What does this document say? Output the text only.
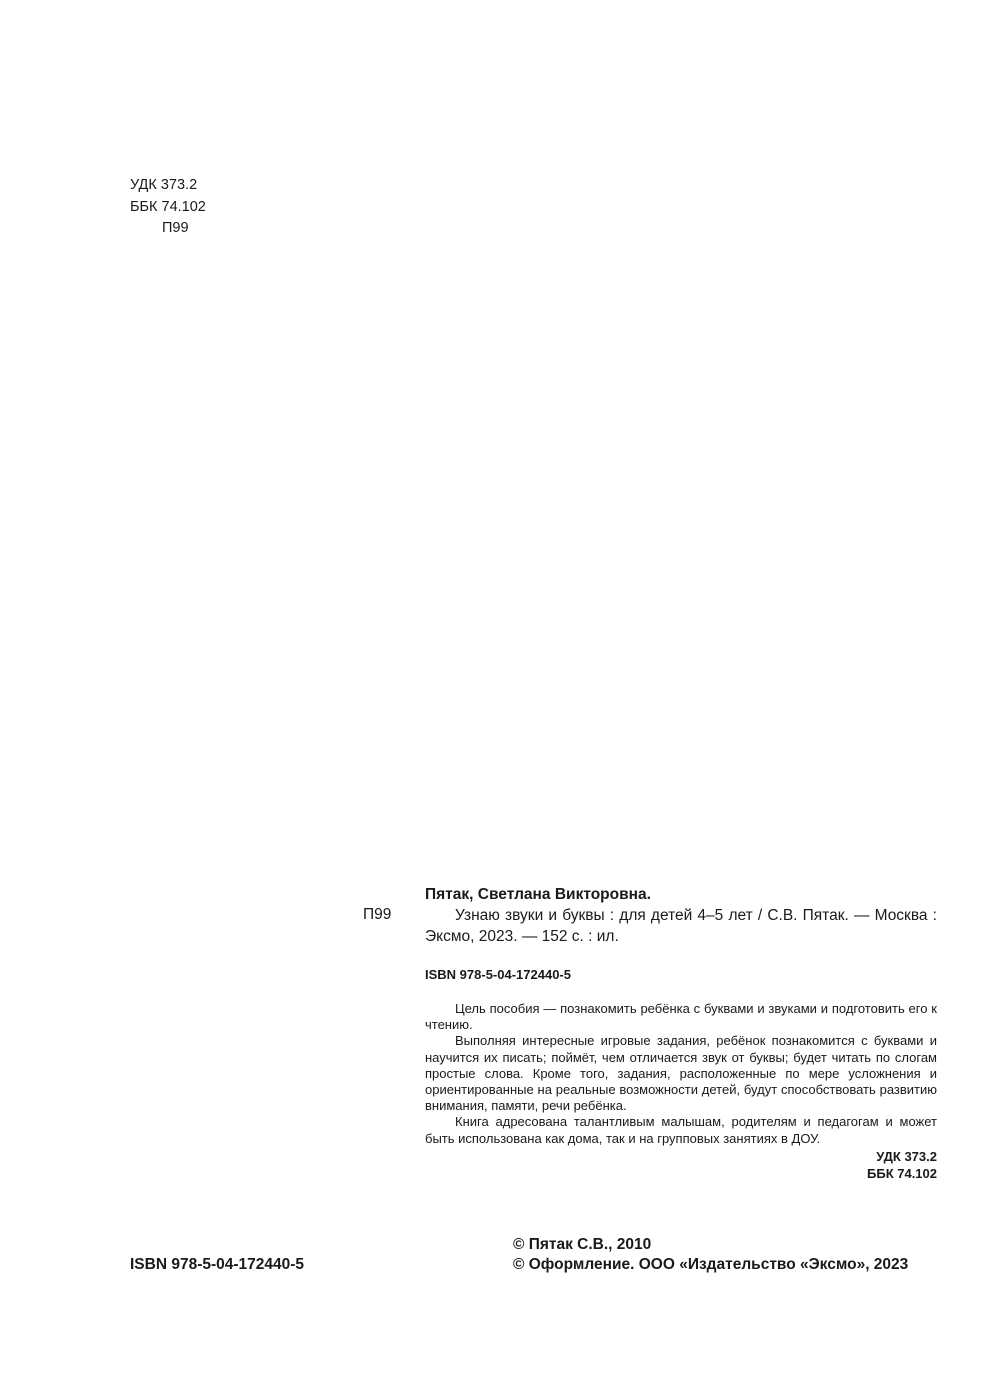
УДК 373.2
ББК 74.102
П99
П99
Пятак, Светлана Викторовна.
Узнаю звуки и буквы : для детей 4–5 лет / С.В. Пятак. — Москва : Эксмо, 2023. — 152 с. : ил.
ISBN 978-5-04-172440-5

Цель пособия — познакомить ребёнка с буквами и звуками и подготовить его к чтению.

Выполняя интересные игровые задания, ребёнок познакомится с буквами и научится их писать; поймёт, чем отличается звук от буквы; будет читать по слогам простые слова. Кроме того, задания, расположенные по мере усложнения и ориентированные на реальные возможности детей, будут способствовать развитию внимания, памяти, речи ребёнка.

Книга адресована талантливым малышам, родителям и педагогам и может быть использована как дома, так и на групповых занятиях в ДОУ.

УДК 373.2
ББК 74.102
ISBN 978-5-04-172440-5
© Пятак С.В., 2010
© Оформление. ООО «Издательство «Эксмо», 2023
